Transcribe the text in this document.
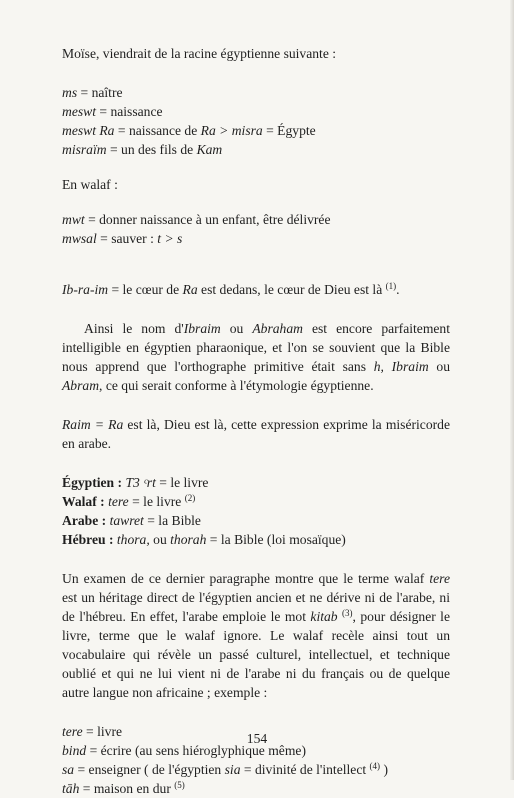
Moïse, viendrait de la racine égyptienne suivante :
ms = naître
meswt = naissance
meswt Ra = naissance de Ra > misra = Égypte
misraïm = un des fils de Kam
En walaf :
mwt = donner naissance à un enfant, être délivrée
mwsal = sauver : t > s
Ib-ra-im = le cœur de Ra est dedans, le cœur de Dieu est là $^{(1)}$.

Ainsi le nom d'Ibraim ou Abraham est encore parfaitement intelligible en égyptien pharaonique, et l'on se souvient que la Bible nous apprend que l'orthographe primitive était sans h, Ibraim ou Abram, ce qui serait conforme à l'étymologie égyptienne.

Raim = Ra est là, Dieu est là, cette expression exprime la miséricorde en arabe.

Égyptien : T3 ᶜrt = le livre
Walaf : tere = le livre $^{(2)}$
Arabe : tawret = la Bible
Hébreu : thora, ou thorah = la Bible (loi mosaïque)

Un examen de ce dernier paragraphe montre que le terme walaf tere est un héritage direct de l'égyptien ancien et ne dérive ni de l'arabe, ni de l'hébreu. En effet, l'arabe emploie le mot kitab $^{(3)}$, pour désigner le livre, terme que le walaf ignore. Le walaf recèle ainsi tout un vocabulaire qui révèle un passé culturel, intellectuel, et technique oublié et qui ne lui vient ni de l'arabe ni du français ou de quelque autre langue non africaine ; exemple :

tere = livre
bind = écrire (au sens hiéroglyphique même)
sa = enseigner ( de l'égyptien sia = divinité de l'intellect $^{(4)}$ )
tāh = maison en dur $^{(5)}$
154
